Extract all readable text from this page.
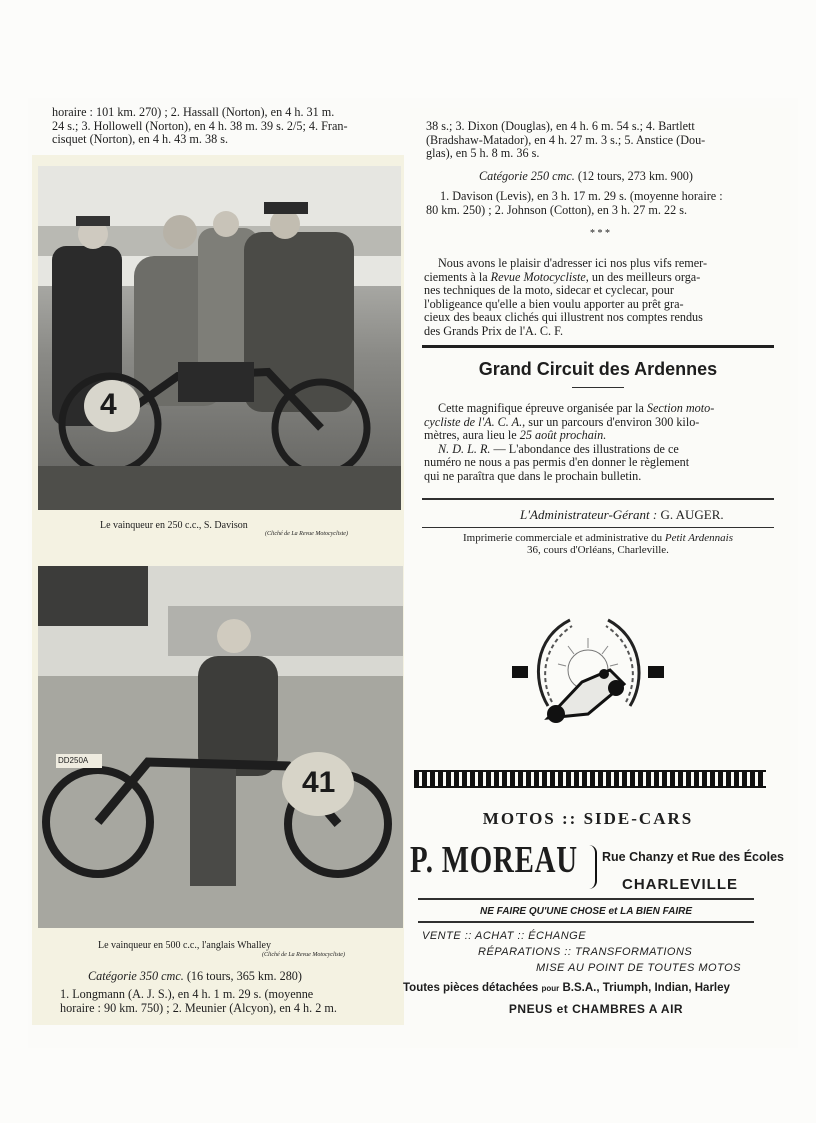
horaire : 101 km. 270) ; 2. Hassall (Norton), en 4 h. 31 m.
24 s.; 3. Hollowell (Norton), en 4 h. 38 m. 39 s. 2/5; 4. Fran-
cisquet (Norton), en 4 h. 43 m. 38 s.
4
Le vainqueur en 250 c.c., S. Davison
(Cliché de La Revue Motocycliste)
41
DD250A
Le vainqueur en 500 c.c., l'anglais Whalley
(Cliché de La Revue Motocycliste)
Catégorie 350 cmc. (16 tours, 365 km. 280)
1. Longmann (A. J. S.), en 4 h. 1 m. 29 s. (moyenne
horaire : 90 km. 750) ; 2. Meunier (Alcyon), en 4 h. 2 m.
38 s.; 3. Dixon (Douglas), en 4 h. 6 m. 54 s.; 4. Bartlett
(Bradshaw-Matador), en 4 h. 27 m. 3 s.; 5. Anstice (Dou-
glas), en 5 h. 8 m. 36 s.
Catégorie 250 cmc. (12 tours, 273 km. 900)
1. Davison (Levis), en 3 h. 17 m. 29 s. (moyenne horaire :
80 km. 250) ; 2. Johnson (Cotton), en 3 h. 27 m. 22 s.
* * *
Nous avons le plaisir d'adresser ici nos plus vifs remer-
ciements à la Revue Motocycliste, un des meilleurs orga-
nes techniques de la moto, sidecar et cyclecar, pour
l'obligeance qu'elle a bien voulu apporter au prêt gra-
cieux des beaux clichés qui illustrent nos comptes rendus
des Grands Prix de l'A. C. F.
Grand Circuit des Ardennes
Cette magnifique épreuve organisée par la Section moto-
cycliste de l'A. C. A., sur un parcours d'environ 300 kilo-
mètres, aura lieu le 25 août prochain.
N. D. L. R. — L'abondance des illustrations de ce
numéro ne nous a pas permis d'en donner le règlement
qui ne paraîtra que dans le prochain bulletin.
L'Administrateur-Gérant : G. AUGER.
Imprimerie commerciale et administrative du Petit Ardennais
36, cours d'Orléans, Charleville.
MOTOS :: SIDE-CARS
P. MOREAU Rue Chanzy et Rue des Écoles
CHARLEVILLE
NE FAIRE QU'UNE CHOSE et LA BIEN FAIRE
VENTE :: ACHAT :: ÉCHANGE
RÉPARATIONS :: TRANSFORMATIONS
MISE AU POINT DE TOUTES MOTOS
Toutes pièces détachées pour B.S.A., Triumph, Indian, Harley
PNEUS et CHAMBRES A AIR
